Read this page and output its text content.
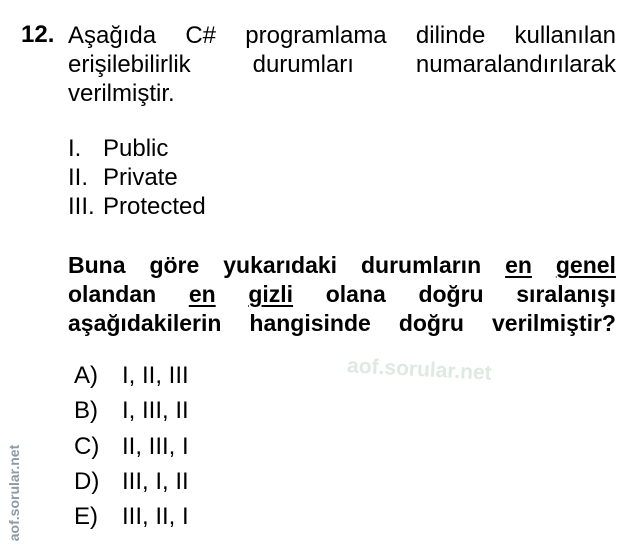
12.
aof.sorular.net
aof.sorular.net
Aşağıda C# programlama dilinde kullanılan
erişilebilirlik	durumları	numaralandırılarak
verilmiştir.
I. Public
II. Private
III. Protected
Buna göre yukarıdaki durumların en genel
olandan en gizli olana doğru sıralanışı
aşağıdakilerin hangisinde doğru verilmiştir?
A) I, II, III
B) I, III, II
C) II, III, I
D) III, I, II
E) III, II, I
